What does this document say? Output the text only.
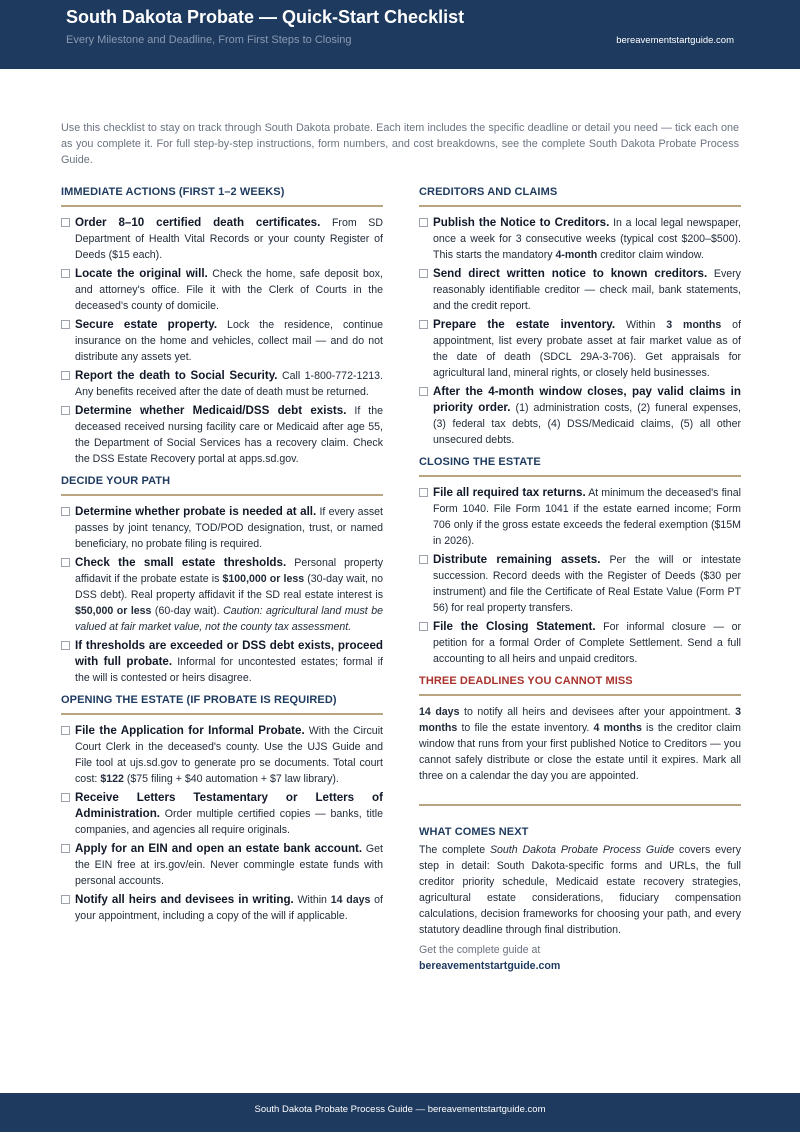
South Dakota Probate — Quick-Start Checklist
Every Milestone and Deadline, From First Steps to Closing	bereavementstartguide.com

Use this checklist to stay on track through South Dakota probate. Each item includes the specific deadline or detail you need — tick each one as you complete it. For full step-by-step instructions, form numbers, and cost breakdowns, see the complete South Dakota Probate Process Guide.

IMMEDIATE ACTIONS (FIRST 1–2 WEEKS)
Order 8–10 certified death certificates. From SD Department of Health Vital Records or your county Register of Deeds ($15 each).
Locate the original will. Check the home, safe deposit box, and attorney's office. File it with the Clerk of Courts in the deceased's county of domicile.
Secure estate property. Lock the residence, continue insurance on the home and vehicles, collect mail — and do not distribute any assets yet.
Report the death to Social Security. Call 1-800-772-1213. Any benefits received after the date of death must be returned.
Determine whether Medicaid/DSS debt exists. If the deceased received nursing facility care or Medicaid after age 55, the Department of Social Services has a recovery claim. Check the DSS Estate Recovery portal at apps.sd.gov.
DECIDE YOUR PATH
Determine whether probate is needed at all. If every asset passes by joint tenancy, TOD/POD designation, trust, or named beneficiary, no probate filing is required.
Check the small estate thresholds. Personal property affidavit if the probate estate is $100,000 or less (30-day wait, no DSS debt). Real property affidavit if the SD real estate interest is $50,000 or less (60-day wait). Caution: agricultural land must be valued at fair market value, not the county tax assessment.
If thresholds are exceeded or DSS debt exists, proceed with full probate. Informal for uncontested estates; formal if the will is contested or heirs disagree.
OPENING THE ESTATE (IF PROBATE IS REQUIRED)
File the Application for Informal Probate. With the Circuit Court Clerk in the deceased's county. Use the UJS Guide and File tool at ujs.sd.gov to generate pro se documents. Total court cost: $122 ($75 filing + $40 automation + $7 law library).
Receive Letters Testamentary or Letters of Administration. Order multiple certified copies — banks, title companies, and agencies all require originals.
Apply for an EIN and open an estate bank account. Get the EIN free at irs.gov/ein. Never commingle estate funds with personal accounts.
Notify all heirs and devisees in writing. Within 14 days of your appointment, including a copy of the will if applicable.
CREDITORS AND CLAIMS
Publish the Notice to Creditors. In a local legal newspaper, once a week for 3 consecutive weeks (typical cost $200–$500). This starts the mandatory 4-month creditor claim window.
Send direct written notice to known creditors. Every reasonably identifiable creditor — check mail, bank statements, and the credit report.
Prepare the estate inventory. Within 3 months of appointment, list every probate asset at fair market value as of the date of death (SDCL 29A-3-706). Get appraisals for agricultural land, mineral rights, or closely held businesses.
After the 4-month window closes, pay valid claims in priority order. (1) administration costs, (2) funeral expenses, (3) federal tax debts, (4) DSS/Medicaid claims, (5) all other unsecured debts.
CLOSING THE ESTATE
File all required tax returns. At minimum the deceased's final Form 1040. File Form 1041 if the estate earned income; Form 706 only if the gross estate exceeds the federal exemption ($15M in 2026).
Distribute remaining assets. Per the will or intestate succession. Record deeds with the Register of Deeds ($30 per instrument) and file the Certificate of Real Estate Value (Form PT 56) for real property transfers.
File the Closing Statement. For informal closure — or petition for a formal Order of Complete Settlement. Send a full accounting to all heirs and unpaid creditors.
THREE DEADLINES YOU CANNOT MISS

14 days to notify all heirs and devisees after your appointment. 3 months to file the estate inventory. 4 months is the creditor claim window that runs from your first published Notice to Creditors — you cannot safely distribute or close the estate until it expires. Mark all three on a calendar the day you are appointed.

WHAT COMES NEXT

The complete South Dakota Probate Process Guide covers every step in detail: South Dakota-specific forms and URLs, the full creditor priority schedule, Medicaid estate recovery strategies, agricultural estate considerations, fiduciary compensation calculations, decision frameworks for choosing your path, and every statutory deadline through final distribution.

Get the complete guide at
bereavementstartguide.com
South Dakota Probate Process Guide — bereavementstartguide.com
